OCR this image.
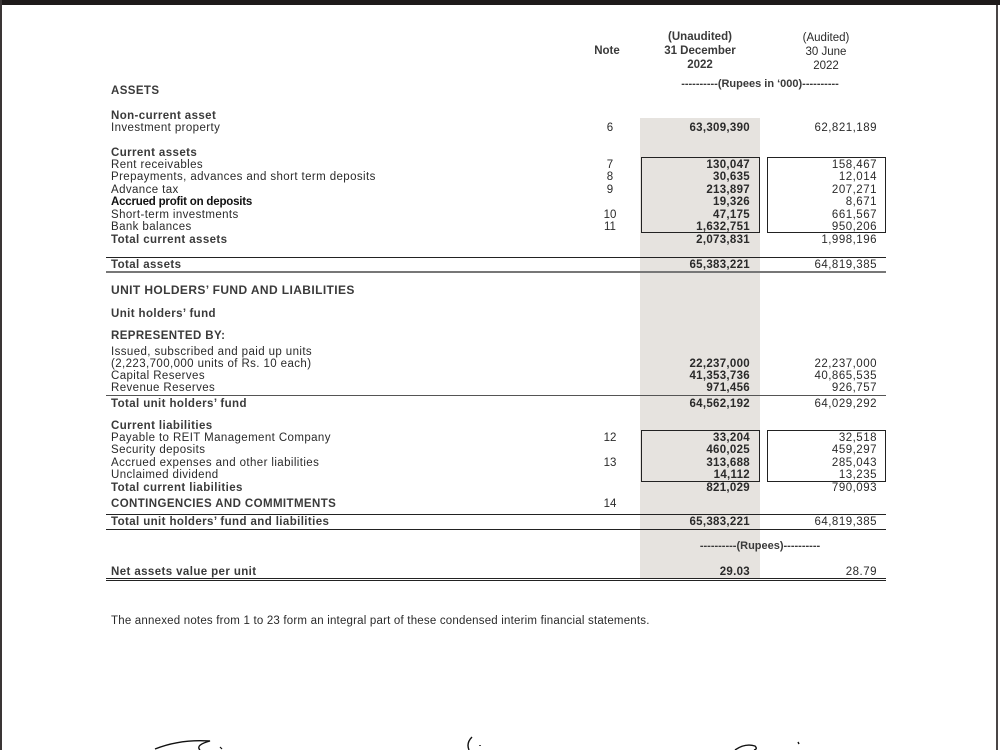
Note
(Unaudited)
31 December
2022
(Audited)
30 June
2022
----------(Rupees in ‘000)----------
ASSETS
Non-current asset
Investment property	6	63,309,390	62,821,189
Current assets
Rent receivables	7	130,047	158,467
Prepayments, advances and short term deposits	8	30,635	12,014
Advance tax	9	213,897	207,271
Accrued profit on deposits	19,326	8,671
Short-term investments	10	47,175	661,567
Bank balances	11	1,632,751	950,206
Total current assets	2,073,831	1,998,196
Total assets	65,383,221	64,819,385
UNIT HOLDERS’ FUND AND LIABILITIES
Unit holders’ fund
REPRESENTED BY:
Issued, subscribed and paid up units
(2,223,700,000 units of Rs. 10 each)	22,237,000	22,237,000
Capital Reserves	41,353,736	40,865,535
Revenue Reserves	971,456	926,757
Total unit holders’ fund	64,562,192	64,029,292
Current liabilities
Payable to REIT Management Company	12	33,204	32,518
Security deposits	460,025	459,297
Accrued expenses and other liabilities	13	313,688	285,043
Unclaimed dividend	14,112	13,235
Total current liabilities	821,029	790,093
CONTINGENCIES AND COMMITMENTS	14
Total unit holders’ fund and liabilities	65,383,221	64,819,385
----------(Rupees)----------
Net assets value per unit	29.03	28.79
The annexed notes from 1 to 23 form an integral part of these condensed interim financial statements.
